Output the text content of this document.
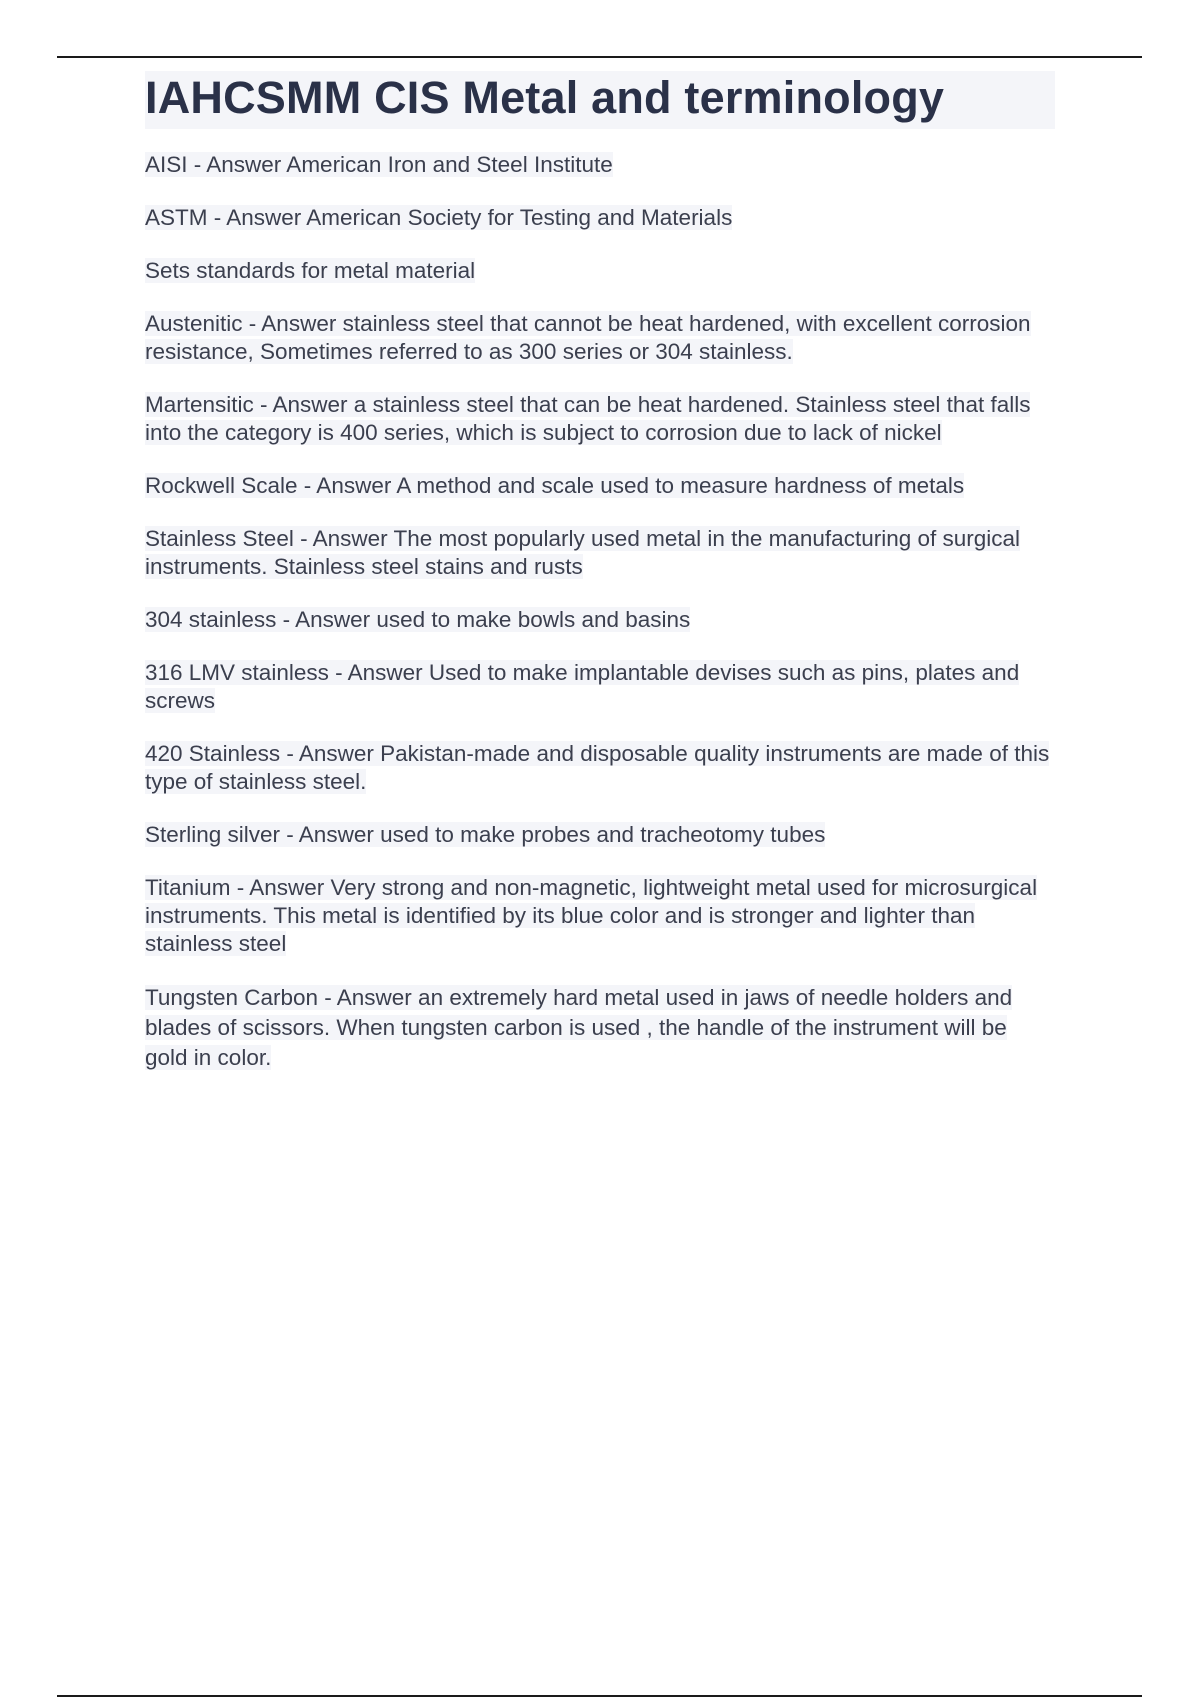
IAHCSMM CIS Metal and terminology

AISI - Answer American Iron and Steel Institute

ASTM - Answer American Society for Testing and Materials

Sets standards for metal material

Austenitic - Answer stainless steel that cannot be heat hardened, with excellent corrosion resistance, Sometimes referred to as 300 series or 304 stainless.

Martensitic - Answer a stainless steel that can be heat hardened. Stainless steel that falls into the category is 400 series, which is subject to corrosion due to lack of nickel

Rockwell Scale - Answer A method and scale used to measure hardness of metals

Stainless Steel - Answer The most popularly used metal in the manufacturing of surgical instruments. Stainless steel stains and rusts

304 stainless - Answer used to make bowls and basins

316 LMV stainless - Answer Used to make implantable devises such as pins, plates and screws

420 Stainless - Answer Pakistan-made and disposable quality instruments are made of this type of stainless steel.

Sterling silver - Answer used to make probes and tracheotomy tubes

Titanium - Answer Very strong and non-magnetic, lightweight metal used for microsurgical instruments. This metal is identified by its blue color and is stronger and lighter than stainless steel

Tungsten Carbon - Answer an extremely hard metal used in jaws of needle holders and blades of scissors. When tungsten carbon is used , the handle of the instrument will be gold in color.
